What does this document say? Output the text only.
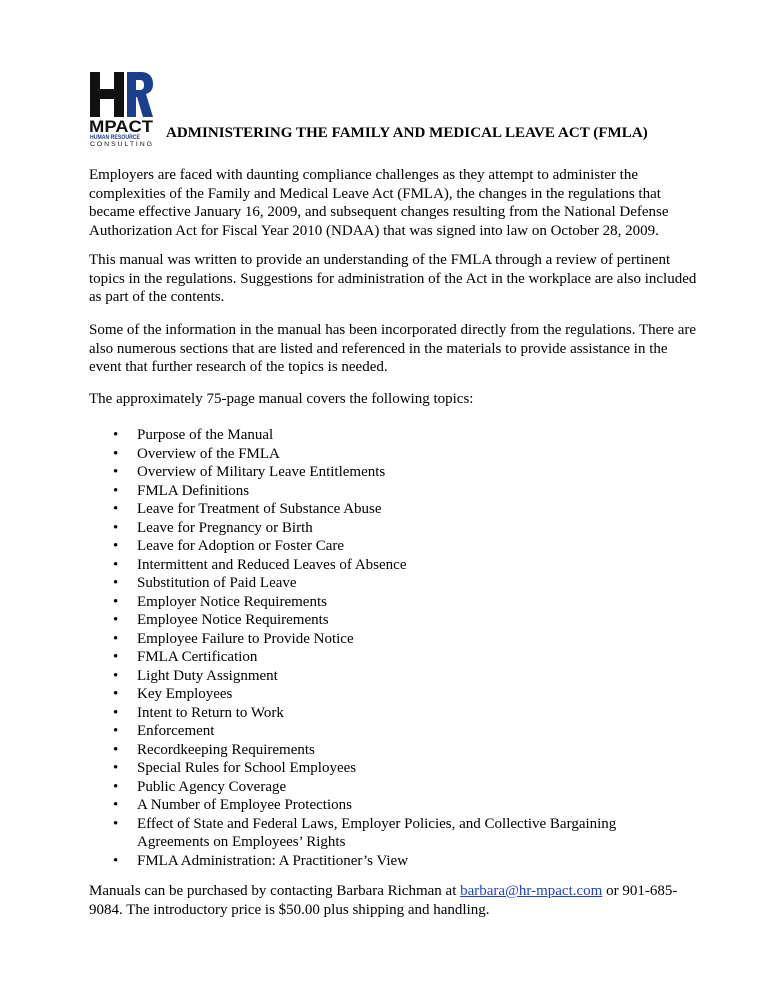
MPACT
HUMAN RESOURCE
C O N S U L T I N G
ADMINISTERING THE FAMILY AND MEDICAL LEAVE ACT (FMLA)

Employers are faced with daunting compliance challenges as they attempt to administer the complexities of the Family and Medical Leave Act (FMLA), the changes in the regulations that became effective January 16, 2009, and subsequent changes resulting from the National Defense Authorization Act for Fiscal Year 2010 (NDAA) that was signed into law on October 28, 2009.

This manual was written to provide an understanding of the FMLA through a review of pertinent topics in the regulations. Suggestions for administration of the Act in the workplace are also included as part of the contents.

Some of the information in the manual has been incorporated directly from the regulations. There are also numerous sections that are listed and referenced in the materials to provide assistance in the event that further research of the topics is needed.

The approximately 75-page manual covers the following topics:

• Purpose of the Manual
• Overview of the FMLA
• Overview of Military Leave Entitlements
• FMLA Definitions
• Leave for Treatment of Substance Abuse
• Leave for Pregnancy or Birth
• Leave for Adoption or Foster Care
• Intermittent and Reduced Leaves of Absence
• Substitution of Paid Leave
• Employer Notice Requirements
• Employee Notice Requirements
• Employee Failure to Provide Notice
• FMLA Certification
• Light Duty Assignment
• Key Employees
• Intent to Return to Work
• Enforcement
• Recordkeeping Requirements
• Special Rules for School Employees
• Public Agency Coverage
• A Number of Employee Protections
• Effect of State and Federal Laws, Employer Policies, and Collective Bargaining Agreements on Employees’ Rights
• FMLA Administration: A Practitioner’s View

Manuals can be purchased by contacting Barbara Richman at barbara@hr-mpact.com or 901-685-9084. The introductory price is $50.00 plus shipping and handling.
